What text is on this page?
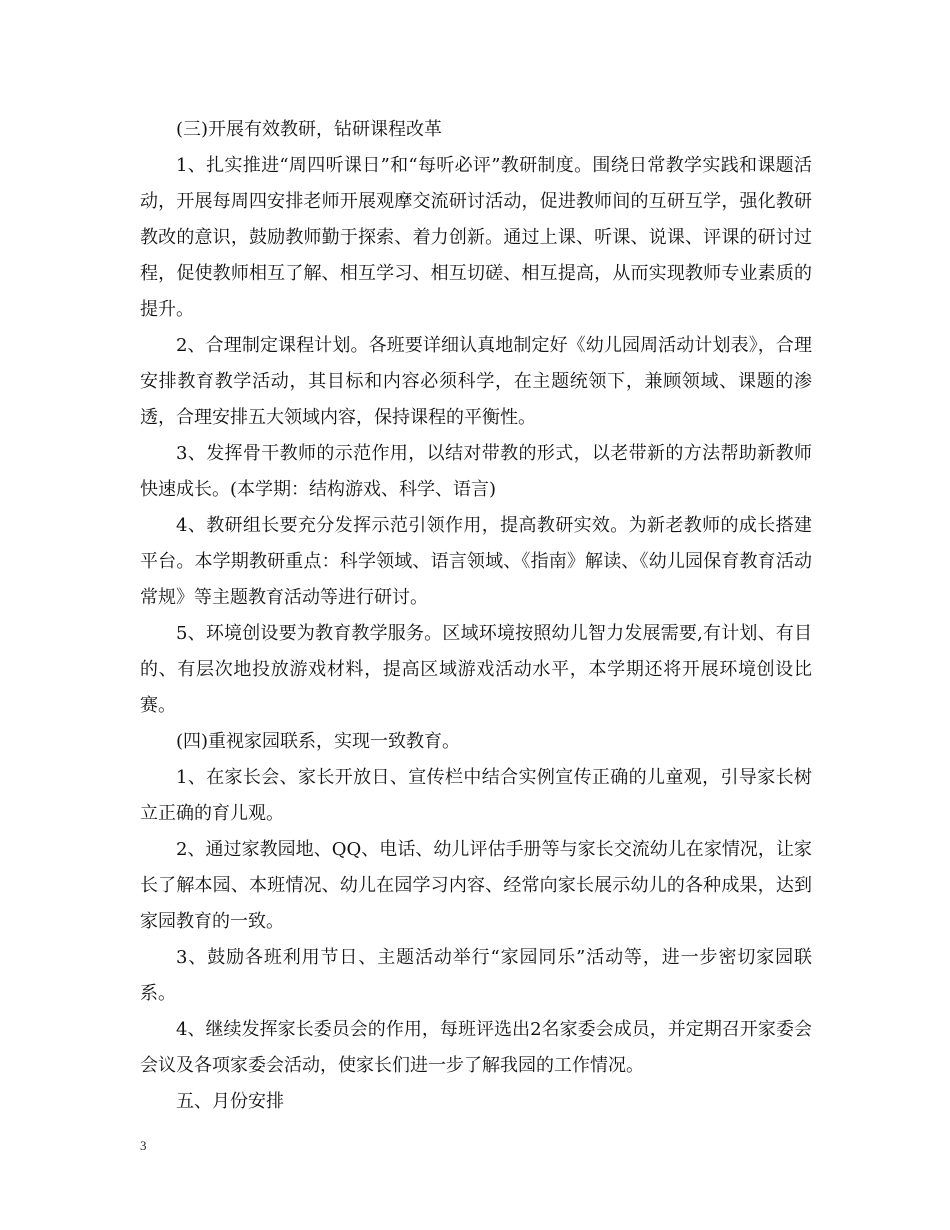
(三)开展有效教研，钻研课程改革

1、扎实推进“周四听课日”和“每听必评”教研制度。围绕日常教学实践和课题活动，开展每周四安排老师开展观摩交流研讨活动，促进教师间的互研互学，强化教研教改的意识，鼓励教师勤于探索、着力创新。通过上课、听课、说课、评课的研讨过程，促使教师相互了解、相互学习、相互切磋、相互提高，从而实现教师专业素质的提升。

2、合理制定课程计划。各班要详细认真地制定好《幼儿园周活动计划表》，合理安排教育教学活动，其目标和内容必须科学，在主题统领下，兼顾领域、课题的渗透，合理安排五大领域内容，保持课程的平衡性。

3、发挥骨干教师的示范作用，以结对带教的形式，以老带新的方法帮助新教师快速成长。(本学期：结构游戏、科学、语言)

4、教研组长要充分发挥示范引领作用，提高教研实效。为新老教师的成长搭建平台。本学期教研重点：科学领域、语言领域、《指南》解读、《幼儿园保育教育活动常规》等主题教育活动等进行研讨。

5、环境创设要为教育教学服务。区域环境按照幼儿智力发展需要,有计划、有目的、有层次地投放游戏材料，提高区域游戏活动水平，本学期还将开展环境创设比赛。

(四)重视家园联系，实现一致教育。

1、在家长会、家长开放日、宣传栏中结合实例宣传正确的儿童观，引导家长树立正确的育儿观。

2、通过家教园地、QQ、电话、幼儿评估手册等与家长交流幼儿在家情况，让家长了解本园、本班情况、幼儿在园学习内容、经常向家长展示幼儿的各种成果，达到家园教育的一致。

3、鼓励各班利用节日、主题活动举行“家园同乐”活动等，进一步密切家园联系。

4、继续发挥家长委员会的作用，每班评选出2名家委会成员，并定期召开家委会会议及各项家委会活动，使家长们进一步了解我园的工作情况。

五、月份安排

3
